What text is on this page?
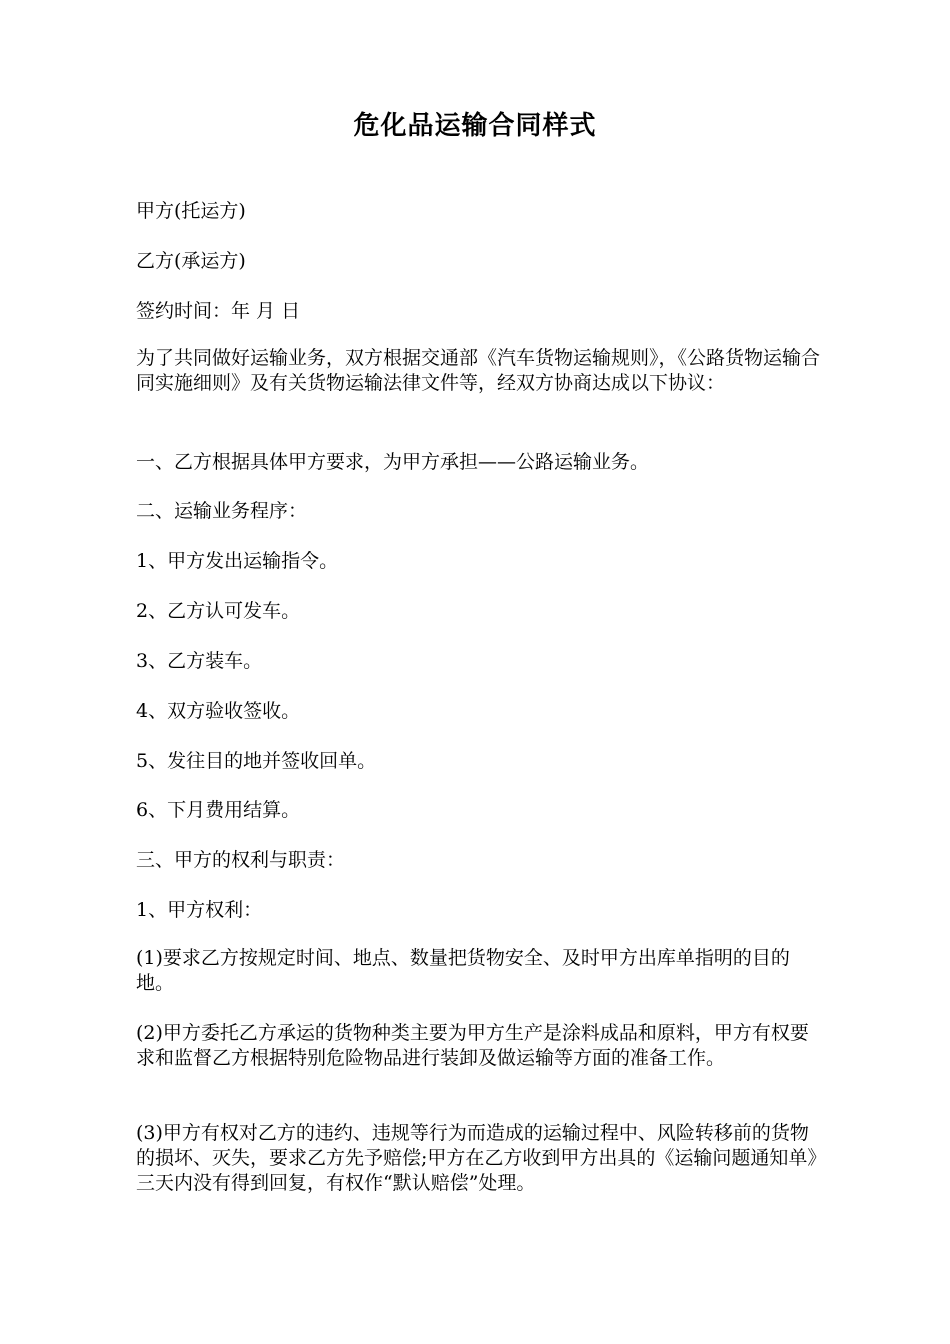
危化品运输合同样式

甲方(托运方)

乙方(承运方)

签约时间：年 月 日

为了共同做好运输业务，双方根据交通部《汽车货物运输规则》，《公路货物运输合同实施细则》及有关货物运输法律文件等，经双方协商达成以下协议：

一、乙方根据具体甲方要求，为甲方承担——公路运输业务。

二、运输业务程序：

1、甲方发出运输指令。

2、乙方认可发车。

3、乙方装车。

4、双方验收签收。

5、发往目的地并签收回单。

6、下月费用结算。

三、甲方的权利与职责：

1、甲方权利：

(1)要求乙方按规定时间、地点、数量把货物安全、及时甲方出库单指明的目的地。

(2)甲方委托乙方承运的货物种类主要为甲方生产是涂料成品和原料，甲方有权要求和监督乙方根据特别危险物品进行装卸及做运输等方面的准备工作。

(3)甲方有权对乙方的违约、违规等行为而造成的运输过程中、风险转移前的货物的损坏、灭失，要求乙方先予赔偿;甲方在乙方收到甲方出具的《运输问题通知单》三天内没有得到回复，有权作“默认赔偿”处理。
